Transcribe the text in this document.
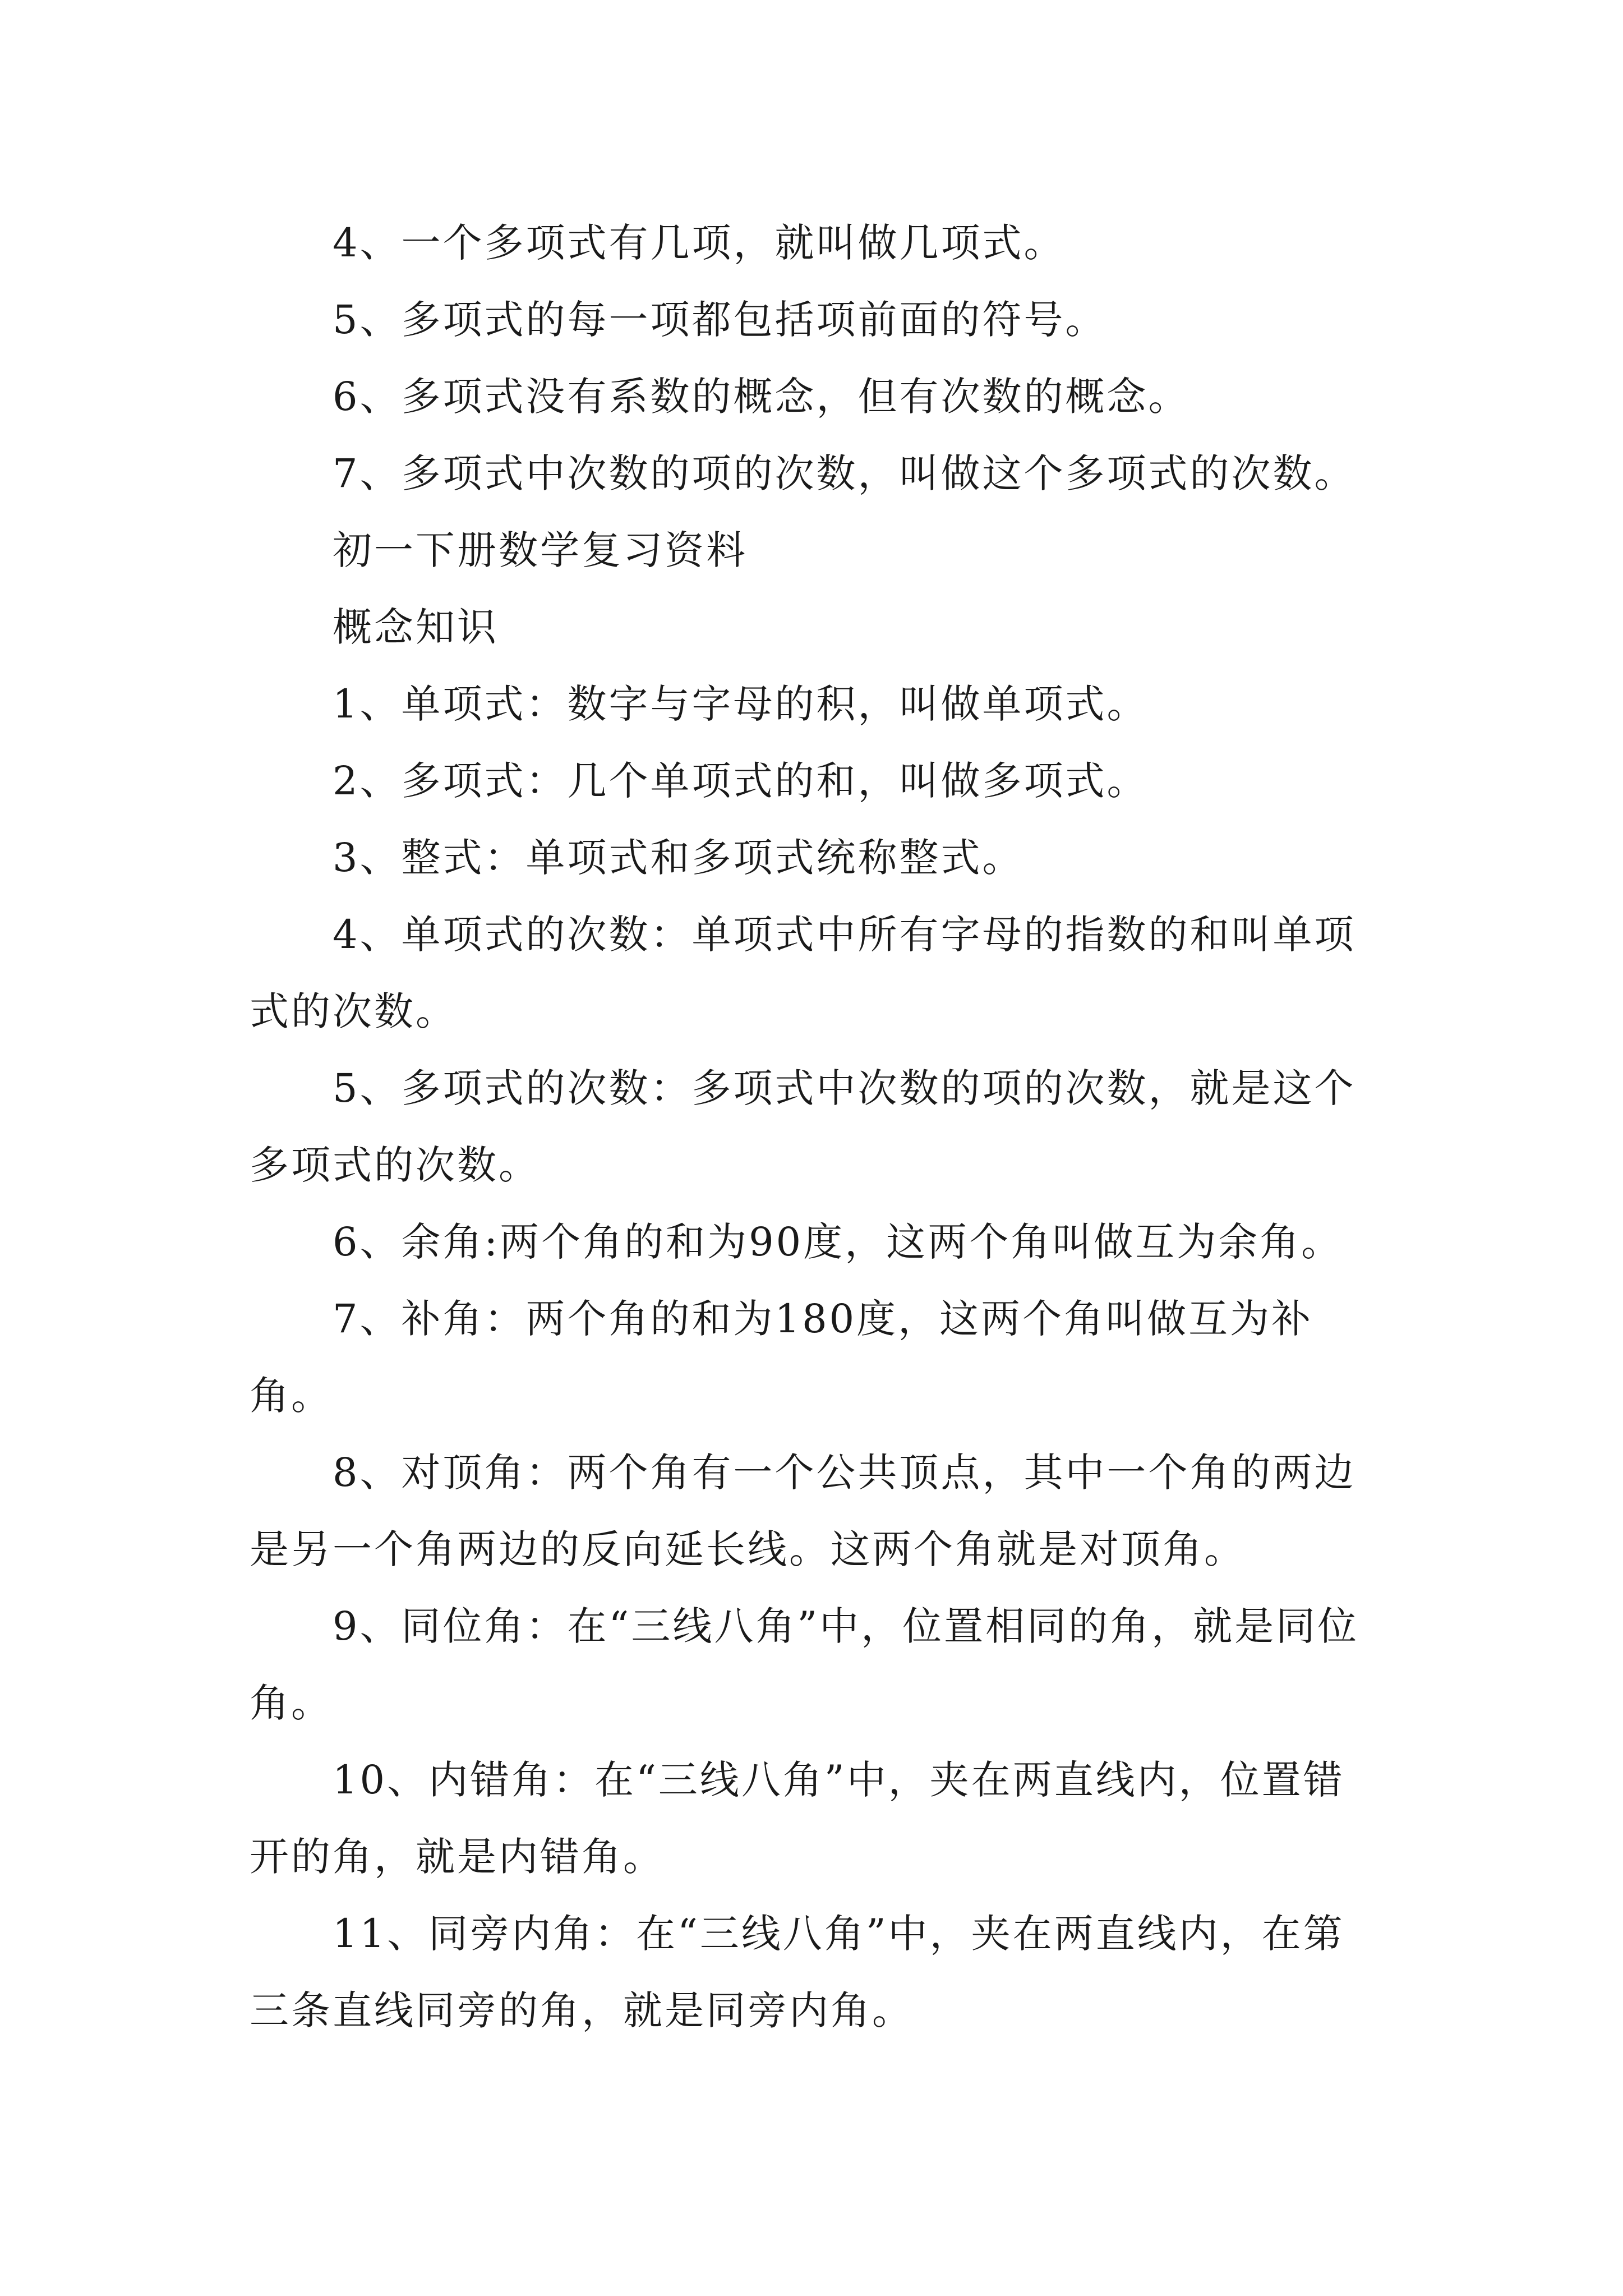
4、一个多项式有几项，就叫做几项式。

5、多项式的每一项都包括项前面的符号。

6、多项式没有系数的概念，但有次数的概念。

7、多项式中次数的项的次数，叫做这个多项式的次数。

初一下册数学复习资料

概念知识

1、单项式：数字与字母的积，叫做单项式。

2、多项式：几个单项式的和，叫做多项式。

3、整式：单项式和多项式统称整式。

4、单项式的次数：单项式中所有字母的指数的和叫单项式的次数。

5、多项式的次数：多项式中次数的项的次数，就是这个多项式的次数。

6、余角:两个角的和为90度，这两个角叫做互为余角。

7、补角：两个角的和为180度，这两个角叫做互为补角。

8、对顶角：两个角有一个公共顶点，其中一个角的两边是另一个角两边的反向延长线。这两个角就是对顶角。

9、同位角：在“三线八角”中，位置相同的角，就是同位角。

10、内错角：在“三线八角”中，夹在两直线内，位置错开的角，就是内错角。

11、同旁内角：在“三线八角”中，夹在两直线内，在第三条直线同旁的角，就是同旁内角。
